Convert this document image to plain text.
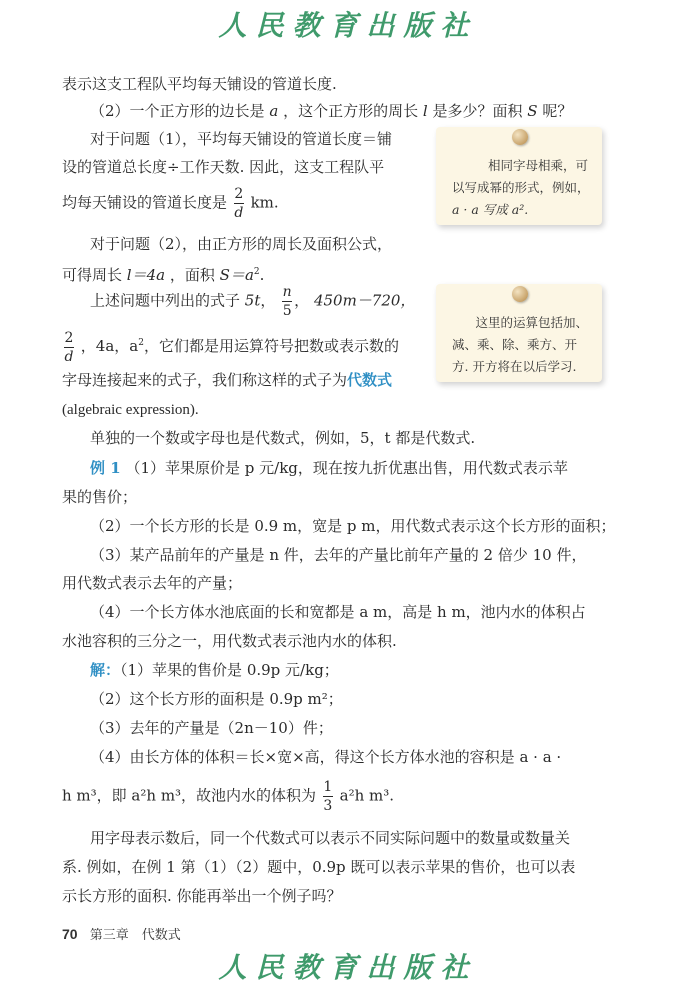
人民教育出版社
表示这支工程队平均每天铺设的管道长度.
（2）一个正方形的边长是 a ，这个正方形的周长 l 是多少？面积 S 呢？
对于问题（1），平均每天铺设的管道长度＝铺
设的管道总长度÷工作天数. 因此，这支工程队平
均每天铺设的管道长度是 $\frac{2}{d}$ km.
相同字母相乘，可
以写成幂的形式，例如，
a · a 写成 a².
对于问题（2），由正方形的周长及面积公式，
可得周长 l＝4a ，面积 $S=a^2$.
上述问题中列出的式子 5t， $\frac{n}{5}$ ， 450m－720，
这里的运算包括加、
减、乘、除、乘方、开
方. 开方将在以后学习.
$\frac{2}{d}$ ，4a，$a^2$，它们都是用运算符号把数或表示数的
字母连接起来的式子，我们称这样的式子为代数式
(algebraic expression).
单独的一个数或字母也是代数式，例如，5，t 都是代数式.
例 1 （1）苹果原价是 p 元/kg，现在按九折优惠出售，用代数式表示苹
果的售价；
（2）一个长方形的长是 0.9 m，宽是 p m，用代数式表示这个长方形的面积；
（3）某产品前年的产量是 n 件，去年的产量比前年产量的 2 倍少 10 件，
用代数式表示去年的产量；
（4）一个长方体水池底面的长和宽都是 a m，高是 h m，池内水的体积占
水池容积的三分之一，用代数式表示池内水的体积.
解：（1）苹果的售价是 0.9p 元/kg；
（2）这个长方形的面积是 0.9p m²；
（3）去年的产量是（2n－10）件；
（4）由长方体的体积＝长×宽×高，得这个长方体水池的容积是 a · a ·
h m³，即 a²h m³，故池内水的体积为 $\frac{1}{3} a^2h$ m³.
用字母表示数后，同一个代数式可以表示不同实际问题中的数量或数量关
系. 例如，在例 1 第（1）（2）题中，0.9p 既可以表示苹果的售价，也可以表
示长方形的面积. 你能再举出一个例子吗？
70 第三章　代数式
人民教育出版社
